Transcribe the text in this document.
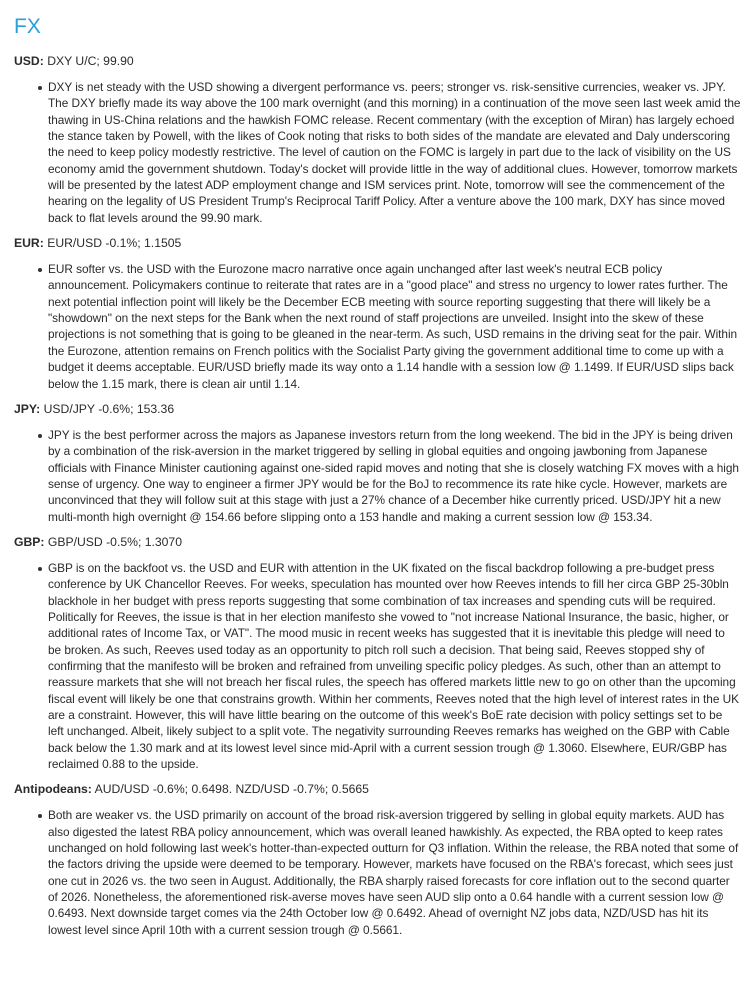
FX

USD: DXY U/C; 99.90

DXY is net steady with the USD showing a divergent performance vs. peers; stronger vs. risk-sensitive currencies, weaker vs. JPY. The DXY briefly made its way above the 100 mark overnight (and this morning) in a continuation of the move seen last week amid the thawing in US-China relations and the hawkish FOMC release. Recent commentary (with the exception of Miran) has largely echoed the stance taken by Powell, with the likes of Cook noting that risks to both sides of the mandate are elevated and Daly underscoring the need to keep policy modestly restrictive. The level of caution on the FOMC is largely in part due to the lack of visibility on the US economy amid the government shutdown. Today's docket will provide little in the way of additional clues. However, tomorrow markets will be presented by the latest ADP employment change and ISM services print. Note, tomorrow will see the commencement of the hearing on the legality of US President Trump's Reciprocal Tariff Policy. After a venture above the 100 mark, DXY has since moved back to flat levels around the 99.90 mark.

EUR: EUR/USD -0.1%; 1.1505

EUR softer vs. the USD with the Eurozone macro narrative once again unchanged after last week's neutral ECB policy announcement. Policymakers continue to reiterate that rates are in a "good place" and stress no urgency to lower rates further. The next potential inflection point will likely be the December ECB meeting with source reporting suggesting that there will likely be a "showdown" on the next steps for the Bank when the next round of staff projections are unveiled. Insight into the skew of these projections is not something that is going to be gleaned in the near-term. As such, USD remains in the driving seat for the pair. Within the Eurozone, attention remains on French politics with the Socialist Party giving the government additional time to come up with a budget it deems acceptable. EUR/USD briefly made its way onto a 1.14 handle with a session low @ 1.1499. If EUR/USD slips back below the 1.15 mark, there is clean air until 1.14.

JPY: USD/JPY -0.6%; 153.36

JPY is the best performer across the majors as Japanese investors return from the long weekend. The bid in the JPY is being driven by a combination of the risk-aversion in the market triggered by selling in global equities and ongoing jawboning from Japanese officials with Finance Minister cautioning against one-sided rapid moves and noting that she is closely watching FX moves with a high sense of urgency. One way to engineer a firmer JPY would be for the BoJ to recommence its rate hike cycle. However, markets are unconvinced that they will follow suit at this stage with just a 27% chance of a December hike currently priced. USD/JPY hit a new multi-month high overnight @ 154.66 before slipping onto a 153 handle and making a current session low @ 153.34.

GBP: GBP/USD -0.5%; 1.3070

GBP is on the backfoot vs. the USD and EUR with attention in the UK fixated on the fiscal backdrop following a pre-budget press conference by UK Chancellor Reeves. For weeks, speculation has mounted over how Reeves intends to fill her circa GBP 25-30bln blackhole in her budget with press reports suggesting that some combination of tax increases and spending cuts will be required. Politically for Reeves, the issue is that in her election manifesto she vowed to "not increase National Insurance, the basic, higher, or additional rates of Income Tax, or VAT". The mood music in recent weeks has suggested that it is inevitable this pledge will need to be broken. As such, Reeves used today as an opportunity to pitch roll such a decision. That being said, Reeves stopped shy of confirming that the manifesto will be broken and refrained from unveiling specific policy pledges. As such, other than an attempt to reassure markets that she will not breach her fiscal rules, the speech has offered markets little new to go on other than the upcoming fiscal event will likely be one that constrains growth. Within her comments, Reeves noted that the high level of interest rates in the UK are a constraint. However, this will have little bearing on the outcome of this week's BoE rate decision with policy settings set to be left unchanged. Albeit, likely subject to a split vote. The negativity surrounding Reeves remarks has weighed on the GBP with Cable back below the 1.30 mark and at its lowest level since mid-April with a current session trough @ 1.3060. Elsewhere, EUR/GBP has reclaimed 0.88 to the upside.

Antipodeans: AUD/USD -0.6%; 0.6498. NZD/USD -0.7%; 0.5665

Both are weaker vs. the USD primarily on account of the broad risk-aversion triggered by selling in global equity markets. AUD has also digested the latest RBA policy announcement, which was overall leaned hawkishly. As expected, the RBA opted to keep rates unchanged on hold following last week's hotter-than-expected outturn for Q3 inflation. Within the release, the RBA noted that some of the factors driving the upside were deemed to be temporary. However, markets have focused on the RBA's forecast, which sees just one cut in 2026 vs. the two seen in August. Additionally, the RBA sharply raised forecasts for core inflation out to the second quarter of 2026. Nonetheless, the aforementioned risk-averse moves have seen AUD slip onto a 0.64 handle with a current session low @ 0.6493. Next downside target comes via the 24th October low @ 0.6492. Ahead of overnight NZ jobs data, NZD/USD has hit its lowest level since April 10th with a current session trough @ 0.5661.
